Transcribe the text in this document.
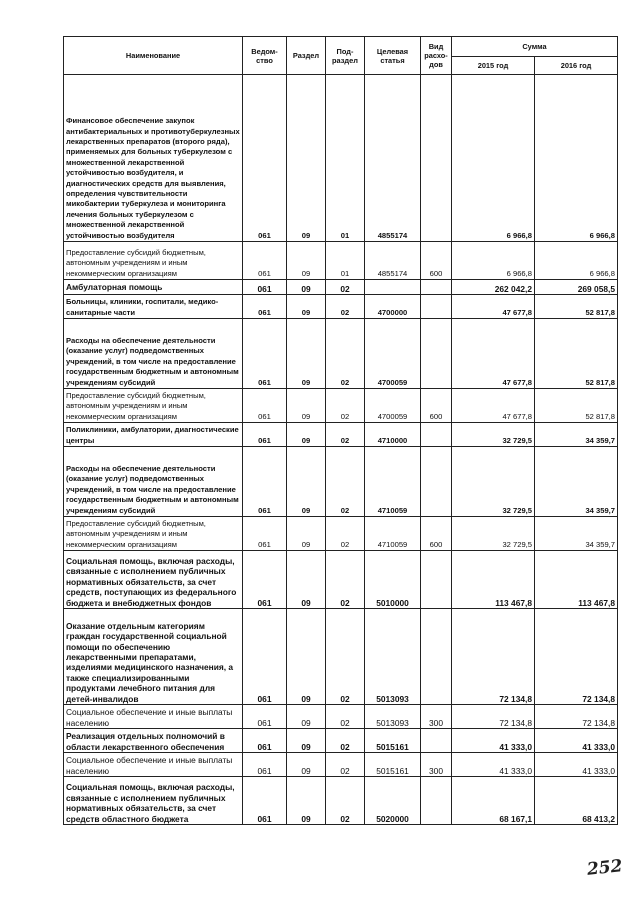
Наименование	Ведом-ство	Раздел	Под-раздел	Целевая статья	Вид расхо-дов	Сумма	
						2015 год	2016 год
Финансовое обеспечение закупок антибактериальных и противотуберкулезных лекарственных препаратов (второго ряда), применяемых для больных туберкулезом с множественной лекарственной устойчивостью возбудителя, и диагностических средств для выявления, определения чувствительности микобактерии туберкулеза и мониторинга лечения больных туберкулезом с множественной лекарственной устойчивостью возбудителя	061	09	01	4855174		6 966,8	6 966,8
Предоставление субсидий бюджетным, автономным учреждениям и иным некоммерческим организациям	061	09	01	4855174	600	6 966,8	6 966,8
Амбулаторная помощь	061	09	02			262 042,2	269 058,5
Больницы, клиники, госпитали, медико-санитарные части	061	09	02	4700000		47 677,8	52 817,8
Расходы на обеспечение деятельности (оказание услуг) подведомственных учреждений, в том числе на предоставление государственным бюджетным и автономным учреждениям субсидий	061	09	02	4700059		47 677,8	52 817,8
Предоставление субсидий бюджетным, автономным учреждениям и иным некоммерческим организациям	061	09	02	4700059	600	47 677,8	52 817,8
Поликлиники, амбулатории, диагностические центры	061	09	02	4710000		32 729,5	34 359,7
Расходы на обеспечение деятельности (оказание услуг) подведомственных учреждений, в том числе на предоставление государственным бюджетным и автономным учреждениям субсидий	061	09	02	4710059		32 729,5	34 359,7
Предоставление субсидий бюджетным, автономным учреждениям и иным некоммерческим организациям	061	09	02	4710059	600	32 729,5	34 359,7
Социальная помощь, включая расходы, связанные с исполнением публичных нормативных обязательств, за счет средств, поступающих из федерального бюджета и внебюджетных фондов	061	09	02	5010000		113 467,8	113 467,8
Оказание отдельным категориям граждан государственной социальной помощи по обеспечению лекарственными препаратами, изделиями медицинского назначения, а также специализированными продуктами лечебного питания для детей-инвалидов	061	09	02	5013093		72 134,8	72 134,8
Социальное обеспечение и иные выплаты населению	061	09	02	5013093	300	72 134,8	72 134,8
Реализация отдельных полномочий в области лекарственного обеспечения	061	09	02	5015161		41 333,0	41 333,0
Социальное обеспечение и иные выплаты населению	061	09	02	5015161	300	41 333,0	41 333,0
Социальная помощь, включая расходы, связанные с исполнением публичных нормативных обязательств, за счет средств областного бюджета	061	09	02	5020000		68 167,1	68 413,2
252
